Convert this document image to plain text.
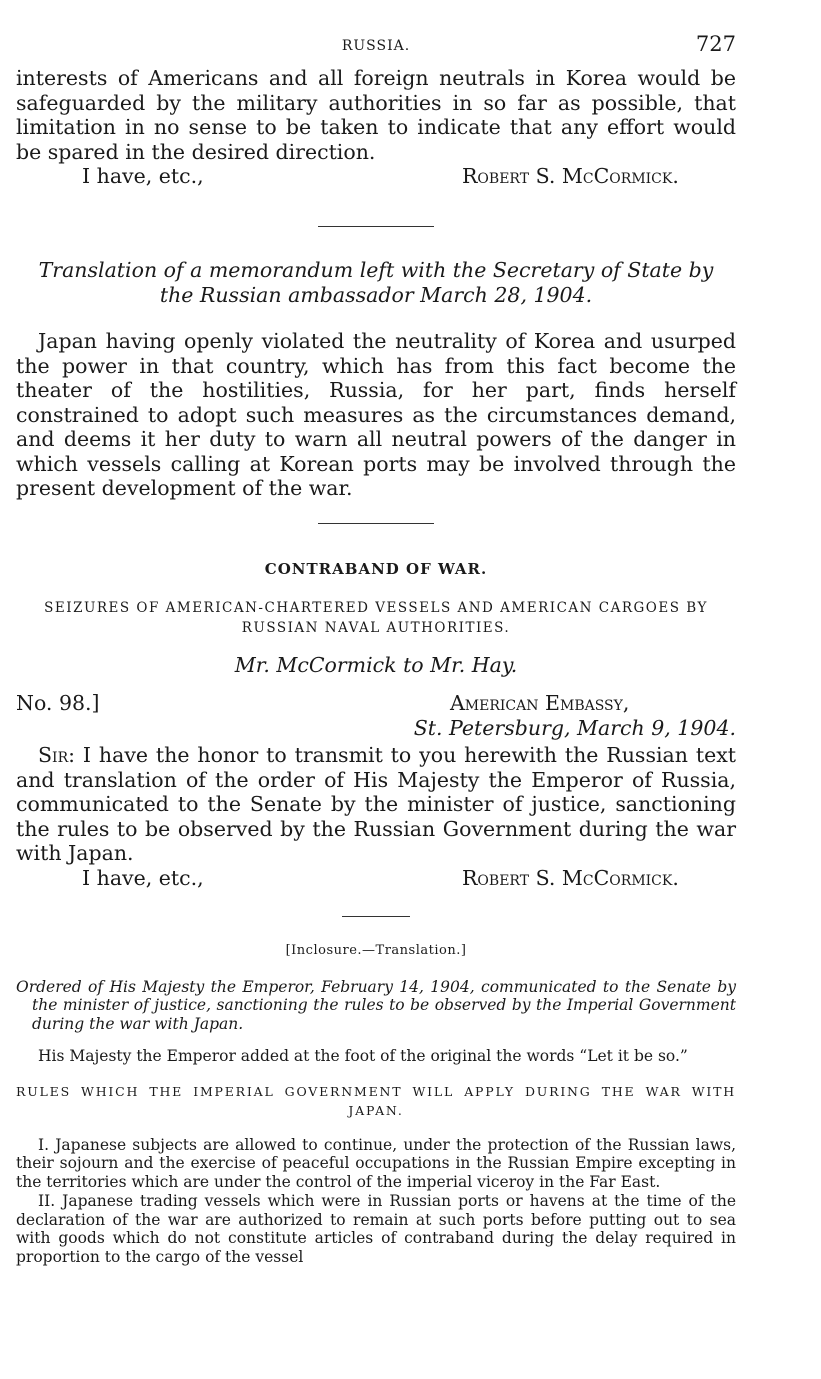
RUSSIA.	727

interests of Americans and all foreign neutrals in Korea would be safeguarded by the military authorities in so far as possible, that limitation in no sense to be taken to indicate that any effort would be spared in the desired direction.

I have, etc.,	Robert S. McCormick.

Translation of a memorandum left with the Secretary of State by the Russian ambassador March 28, 1904.

Japan having openly violated the neutrality of Korea and usurped the power in that country, which has from this fact become the theater of the hostilities, Russia, for her part, finds herself constrained to adopt such measures as the circumstances demand, and deems it her duty to warn all neutral powers of the danger in which vessels calling at Korean ports may be involved through the present development of the war.

CONTRABAND OF WAR.

SEIZURES OF AMERICAN-CHARTERED VESSELS AND AMERICAN CARGOES BY RUSSIAN NAVAL AUTHORITIES.

Mr. McCormick to Mr. Hay.

No. 98.]	American Embassy,
St. Petersburg, March 9, 1904.

Sir: I have the honor to transmit to you herewith the Russian text and translation of the order of His Majesty the Emperor of Russia, communicated to the Senate by the minister of justice, sanctioning the rules to be observed by the Russian Government during the war with Japan.

I have, etc.,	Robert S. McCormick.

[Inclosure.—Translation.]

Ordered of His Majesty the Emperor, February 14, 1904, communicated to the Senate by the minister of justice, sanctioning the rules to be observed by the Imperial Government during the war with Japan.

His Majesty the Emperor added at the foot of the original the words “Let it be so.”

RULES WHICH THE IMPERIAL GOVERNMENT WILL APPLY DURING THE WAR WITH
JAPAN.

I. Japanese subjects are allowed to continue, under the protection of the Russian laws, their sojourn and the exercise of peaceful occupations in the Russian Empire excepting in the territories which are under the control of the imperial viceroy in the Far East.

II. Japanese trading vessels which were in Russian ports or havens at the time of the declaration of the war are authorized to remain at such ports before putting out to sea with goods which do not constitute articles of contraband during the delay required in proportion to the cargo of the vessel
